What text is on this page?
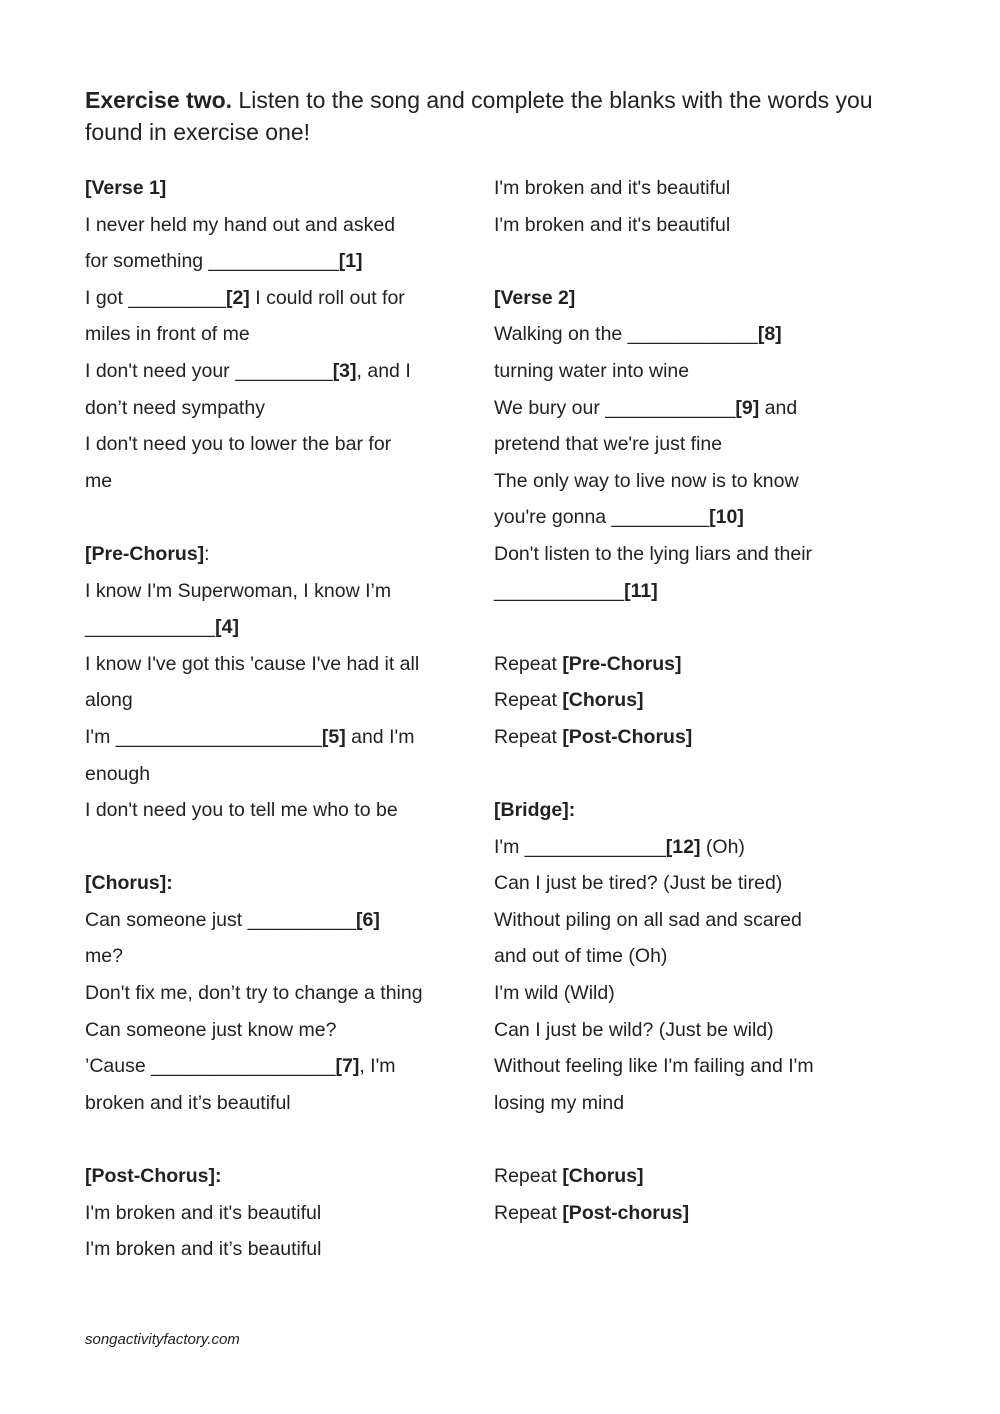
Exercise two. Listen to the song and complete the blanks with the words you
found in exercise one!
[Verse 1]
I never held my hand out and asked
for something ____________[1]
I got _________[2] I could roll out for
miles in front of me
I don't need your _________[3], and I
don’t need sympathy
I don't need you to lower the bar for
me
[Pre-Chorus]:
I know I'm Superwoman, I know I’m
____________[4]
I know I've got this 'cause I've had it all
along
I'm ___________________[5] and I'm
enough
I don't need you to tell me who to be
[Chorus]:
Can someone just __________[6]
me?
Don't fix me, don’t try to change a thing
Can someone just know me?
’Cause _________________[7], I'm
broken and it’s beautiful
[Post-Chorus]:
I'm broken and it's beautiful
I'm broken and it’s beautiful
I'm broken and it's beautiful
I'm broken and it's beautiful
[Verse 2]
Walking on the ____________[8]
turning water into wine
We bury our ____________[9] and
pretend that we're just fine
The only way to live now is to know
you're gonna _________[10]
Don't listen to the lying liars and their
____________[11]
Repeat [Pre-Chorus]
Repeat [Chorus]
Repeat [Post-Chorus]
[Bridge]:
I'm _____________[12] (Oh)
Can I just be tired? (Just be tired)
Without piling on all sad and scared
and out of time (Oh)
I'm wild (Wild)
Can I just be wild? (Just be wild)
Without feeling like I'm failing and I'm
losing my mind
Repeat [Chorus]
Repeat [Post-chorus]
songactivityfactory.com
